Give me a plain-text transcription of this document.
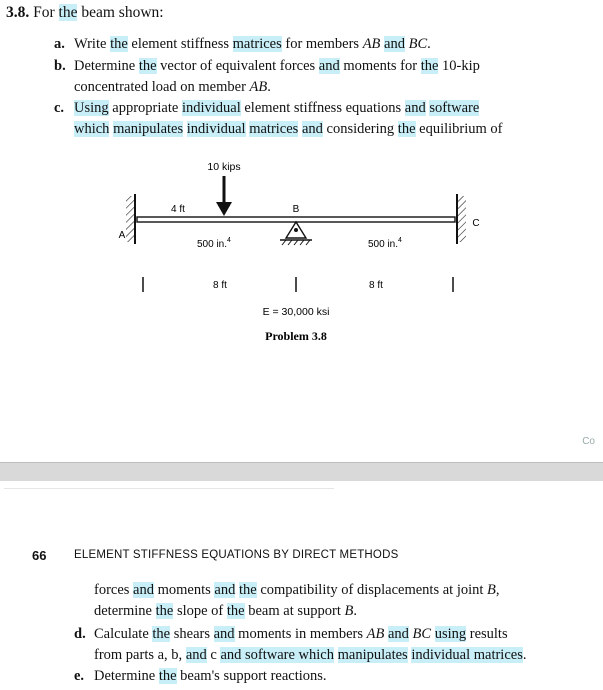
3.8. For the beam shown:
a. Write the element stiffness matrices for members AB and BC.
b. Determine the vector of equivalent forces and moments for the 10-kip
concentrated load on member AB.
c. Using appropriate individual element stiffness equations and software
which manipulates individual matrices and considering the equilibrium of
10 kips
4 ft
A
C
B
500 in.$^4$	500 in.$^4$
8 ft	8 ft
E = 30,000 ksi
Problem 3.8
Co
66 ELEMENT STIFFNESS EQUATIONS BY DIRECT METHODS
forces and moments and the compatibility of displacements at joint B,
determine the slope of the beam at support B.
d. Calculate the shears and moments in members AB and BC using results
from parts a, b, and c and software which manipulates individual matrices.
e. Determine the beam's support reactions.
